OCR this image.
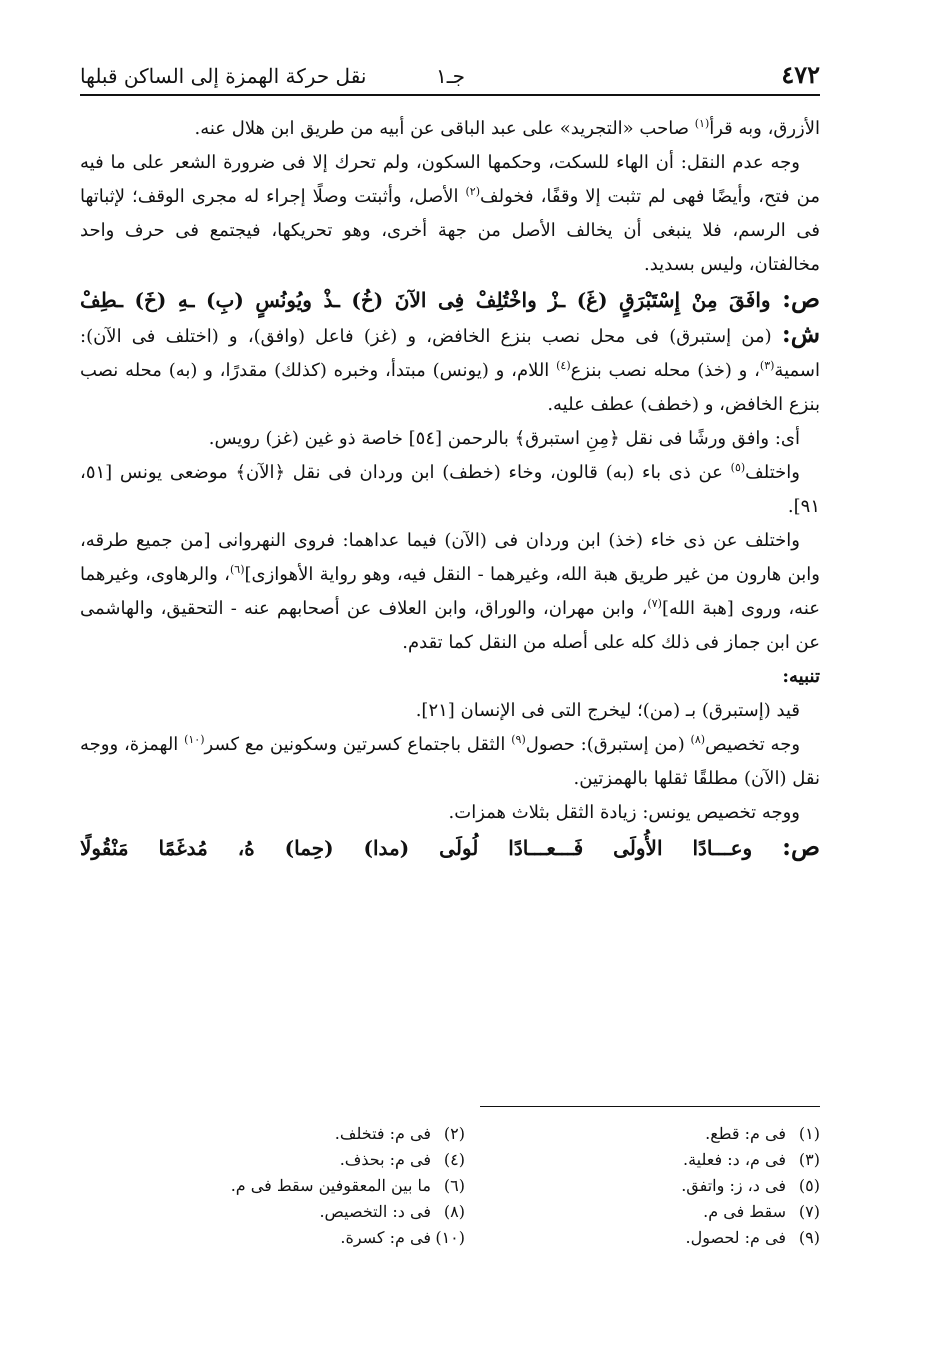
٤٧٢
جـ١
نقل حركة الهمزة إلى الساكن قبلها

الأزرق، وبه قرأ$^{(١)}$ صاحب «التجريد» على عبد الباقى عن أبيه من طريق ابن هلال عنه.

وجه عدم النقل: أن الهاء للسكت، وحكمها السكون، ولم تحرك إلا فى ضرورة الشعر على ما فيه من فتح، وأيضًا فهى لم تثبت إلا وقفًا، فخولف$^{(٢)}$ الأصل، وأثبتت وصلًا إجراء له مجرى الوقف؛ لإثباتها فى الرسم، فلا ينبغى أن يخالف الأصل من جهة أخرى، وهو تحريكها، فيجتمع فى حرف واحد مخالفتان، وليس بسديد.

ص: وافَقَ مِنْ إِسْتَبْرَقٍ (غَ) ـزْ واخْتُلِفْ فِى الآنَ (خُ) ـذْ ويُونُسٍ (بِ) ـهِ (خَ) ـطِفْ

ش: (من إستبرق) فى محل نصب بنزع الخافض، و (غز) فاعل (وافق)، و (اختلف فى الآن): اسمية$^{(٣)}$، و (خذ) محله نصب بنزع$^{(٤)}$ اللام، و (يونس) مبتدأ، وخبره (كذلك) مقدرًا، و (به) محله نصب بنزع الخافض، و (خطف) عطف عليه.

أى: وافق ورشًا فى نقل ﴿مِنِ استبرق﴾ بالرحمن [٥٤] خاصة ذو غين (غز) رويس.

واختلف$^{(٥)}$ عن ذى باء (به) قالون، وخاء (خطف) ابن وردان فى نقل ﴿الآن﴾ موضعى يونس [٥١، ٩١].

واختلف عن ذى خاء (خذ) ابن وردان فى (الآن) فيما عداهما: فروى النهروانى [من جميع طرقه، وابن هارون من غير طريق هبة الله، وغيرهما - النقل فيه، وهو رواية الأهوازى]$^{(٦)}$، والرهاوى، وغيرهما عنه، وروى [هبة الله]$^{(٧)}$، وابن مهران، والوراق، وابن العلاف عن أصحابهم عنه - التحقيق، والهاشمى عن ابن جماز فى ذلك كله على أصله من النقل كما تقدم.

تنبيه:

قيد (إستبرق) بـ (من)؛ ليخرج التى فى الإنسان [٢١].

وجه تخصيص$^{(٨)}$ (من إستبرق): حصول$^{(٩)}$ الثقل باجتماع كسرتين وسكونين مع كسر$^{(١٠)}$ الهمزة، ووجه نقل (الآن) مطلقًا ثقلها بالهمزتين.

ووجه تخصيص يونس: زيادة الثقل بثلاث همزات.

ص: وعـــادًا الأُولَى فَـــعـــادًا لُولَى (مدا) (حِما) هُ، مُدغَمًا مَنْقُولًا

(١)فى م: قطع.
(٢)فى م: فتخلف.
(٣)فى م، د: فعلية.
(٤)فى م: بحذف.
(٥)فى د، ز: واتفق.
(٦)ما بين المعقوفين سقط فى م.
(٧)سقط فى م.
(٨)فى د: التخصيص.
(٩)فى م: لحصول.
(١٠)فى م: كسرة.
